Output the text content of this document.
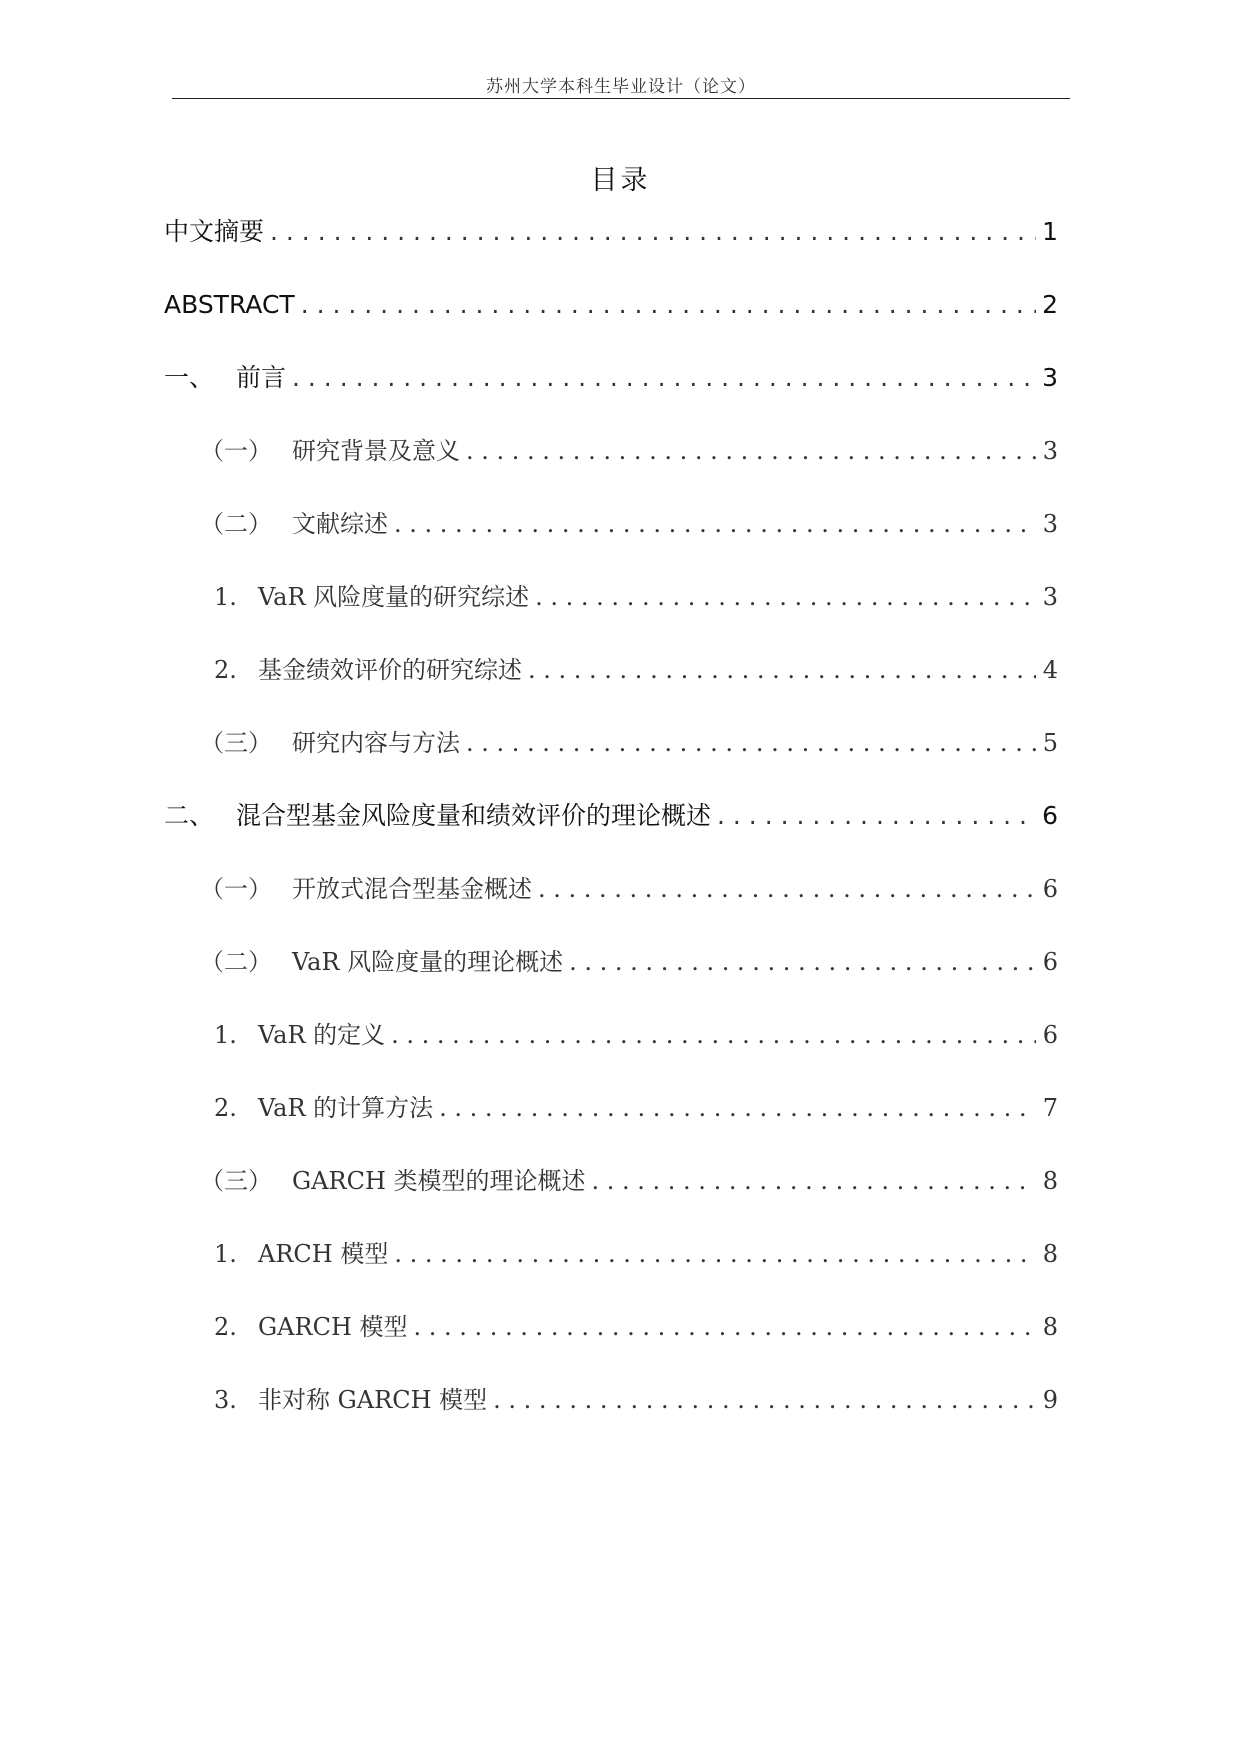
苏州大学本科生毕业设计（论文）
目录
中文摘要 . . .	1
ABSTRACT . . .	2
一、 前言 . . .	3
（一） 研究背景及意义 . . .	3
（二） 文献综述 . . .	3
1. VaR 风险度量的研究综述 . . .	3
2. 基金绩效评价的研究综述 . . .	4
（三） 研究内容与方法 . . .	5
二、 混合型基金风险度量和绩效评价的理论概述 . . .	6
（一） 开放式混合型基金概述 . . .	6
（二） VaR 风险度量的理论概述 . . .	6
1. VaR 的定义 . . .	6
2. VaR 的计算方法 . . .	7
（三） GARCH 类模型的理论概述 . . .	8
1. ARCH 模型 . . .	8
2. GARCH 模型 . . .	8
3. 非对称 GARCH 模型 . . .	9
